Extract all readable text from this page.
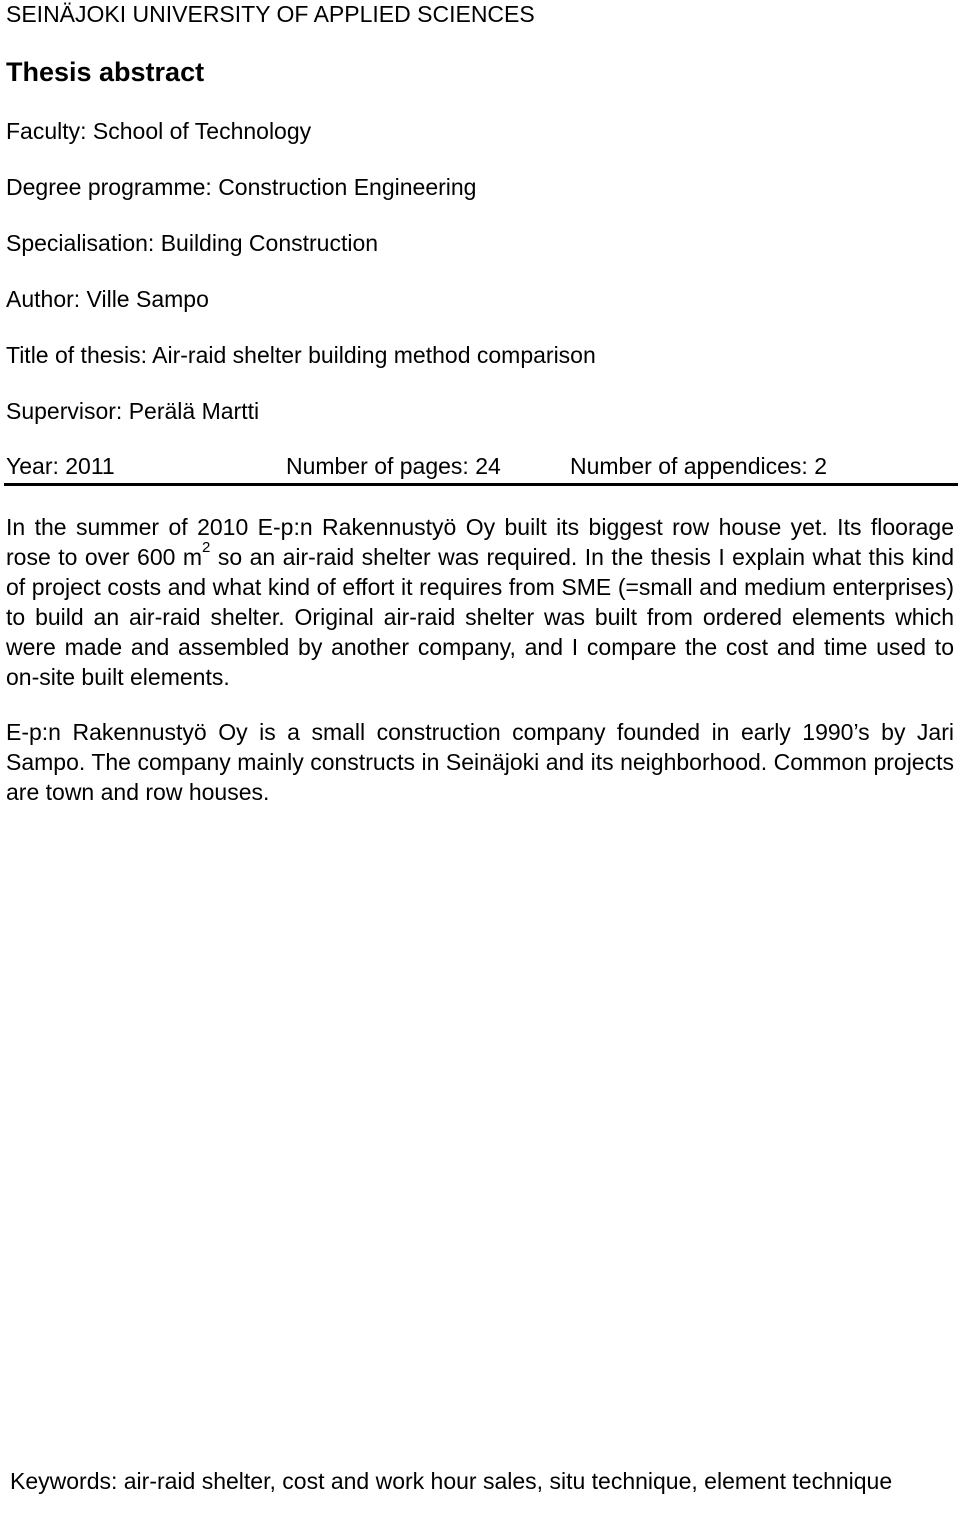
SEINÄJOKI UNIVERSITY OF APPLIED SCIENCES
Thesis abstract
Faculty: School of Technology
Degree programme: Construction Engineering
Specialisation: Building Construction
Author: Ville Sampo
Title of thesis: Air-raid shelter building method comparison
Supervisor: Perälä Martti
Year: 2011	Number of pages: 24	Number of appendices: 2

In the summer of 2010 E-p:n Rakennustyö Oy built its biggest row house yet. Its floorage rose to over 600 $m^2$ so an air-raid shelter was required. In the thesis I explain what this kind of project costs and what kind of effort it requires from SME (=small and medium enterprises) to build an air-raid shelter. Original air-raid shelter was built from ordered elements which were made and assembled by another company, and I compare the cost and time used to on-site built elements.

E-p:n Rakennustyö Oy is a small construction company founded in early 1990’s by Jari Sampo. The company mainly constructs in Seinäjoki and its neighborhood. Common projects are town and row houses.

Keywords: air-raid shelter, cost and work hour sales, situ technique, element technique
